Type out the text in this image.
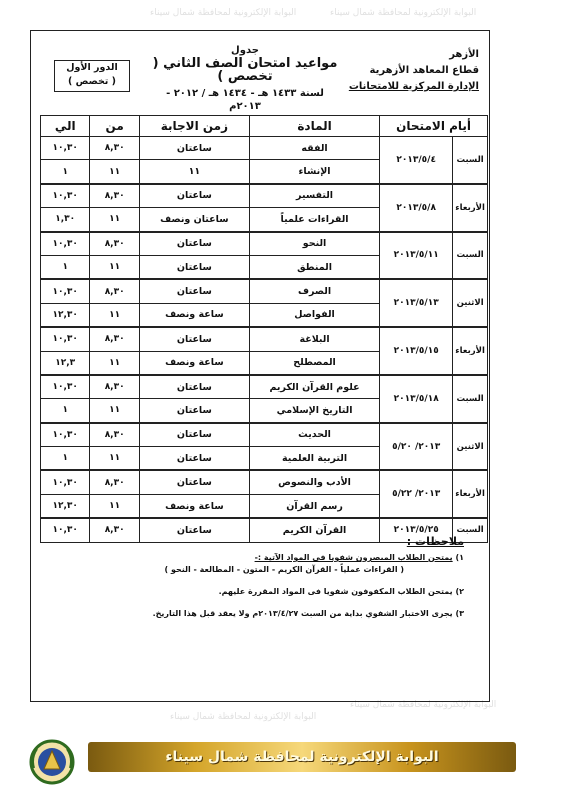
البوابة الإلكترونية لمحافظة شمال سيناء	البوابة الإلكترونية لمحافظة شمال سيناء
البوابة الإلكترونية لمحافظة شمال سيناء
البوابة الإلكترونية لمحافظة شمال سيناء
الأزهر
قطاع المعاهد الأزهرية
الإدارة المركزية للامتحانات
جدول
مواعيد امتحان الصف الثاني ( تخصص )
لسنة ١٤٣٣ هـ - ١٤٣٤ هـ / ٢٠١٢ - ٢٠١٣م
الدور الأول
( تخصص )
أيام الامتحان		المادة	زمن الاجابة	من	الي
السبت	٢٠١٣/٥/٤	الفقه	ساعتان	٨,٣٠	١٠,٣٠
		الإنشاء	١١	١١	١
الأربعاء	٢٠١٣/٥/٨	التفسير	ساعتان	٨,٣٠	١٠,٣٠
		القراءات علمياً	ساعتان ونصف	١١	١,٣٠
السبت	٢٠١٣/٥/١١	النحو	ساعتان	٨,٣٠	١٠,٣٠
		المنطق	ساعتان	١١	١
الاثنين	٢٠١٣/٥/١٣	الصرف	ساعتان	٨,٣٠	١٠,٣٠
		الفواصل	ساعة ونصف	١١	١٢,٣٠
الأربعاء	٢٠١٣/٥/١٥	البلاغة	ساعتان	٨,٣٠	١٠,٣٠
		المصطلح	ساعة ونصف	١١	١٢,٣
السبت	٢٠١٣/٥/١٨	علوم القرآن الكريم	ساعتان	٨,٣٠	١٠,٣٠
		التاريخ الإسلامي	ساعتان	١١	١
الاثنين	٢٠١٣/ ٥/٢٠	الحديث	ساعتان	٨,٣٠	١٠,٣٠
		التربية العلمية	ساعتان	١١	١
الأربعاء	٢٠١٣/ ٥/٢٢	الأدب والنصوص	ساعتان	٨,٣٠	١٠,٣٠
		رسم القرآن	ساعة ونصف	١١	١٢,٣٠
السبت	٢٠١٣/٥/٢٥	القرآن الكريم	ساعتان	٨,٣٠	١٠,٣٠
ملاحظات :
١) يمتحن الطلاب المبصرون شفويا فى المواد الآتية :-
( القراءات عملياً - القرآن الكريم - المتون - المطالعة - النحو )
٢) يمتحن الطلاب المكفوفون شفويا فى المواد المقررة عليهم.
٣) يجرى الاختبار الشفوي بداية من السبت ٢٠١٣/٤/٢٧م ولا يعقد قبل هذا التاريخ.
البوابة الإلكترونية لمحافظة شمال سيناء
